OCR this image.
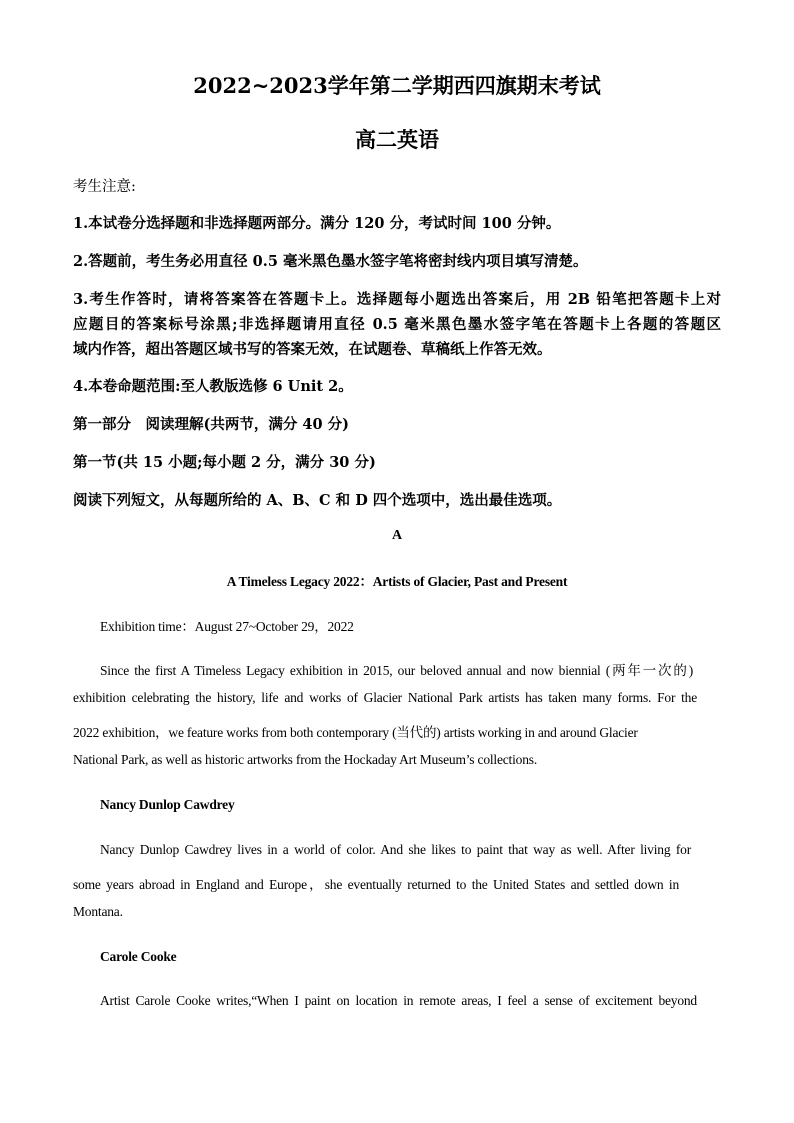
2022~2023学年第二学期西四旗期末考试
高二英语
考生注意:
1.本试卷分选择题和非选择题两部分。满分 120 分，考试时间 100 分钟。
2.答题前，考生务必用直径 0.5 毫米黑色墨水签字笔将密封线内项目填写清楚。
3.考生作答时，请将答案答在答题卡上。选择题每小题选出答案后，用 2B 铅笔把答题卡上对
应题目的答案标号涂黑;非选择题请用直径 0.5 毫米黑色墨水签字笔在答题卡上各题的答题区
域内作答，超出答题区域书写的答案无效，在试题卷、草稿纸上作答无效。
4.本卷命题范围:至人教版选修 6 Unit 2。
第一部分　阅读理解(共两节，满分 40 分)
第一节(共 15 小题;每小题 2 分，满分 30 分)
阅读下列短文，从每题所给的 A、B、C 和 D 四个选项中，选出最佳选项。
A
A Timeless Legacy 2022：Artists of Glacier, Past and Present
Exhibition time：August 27~October 29，2022
Since the first A Timeless Legacy exhibition in 2015, our beloved annual and now biennial (两年一次的)
exhibition celebrating the history, life and works of Glacier National Park artists has taken many forms. For the
2022 exhibition，we feature works from both contemporary (当代的) artists working in and around Glacier
National Park, as well as historic artworks from the Hockaday Art Museum’s collections.
Nancy Dunlop Cawdrey
Nancy Dunlop Cawdrey lives in a world of color. And she likes to paint that way as well. After living for
some years abroad in England and Europe，she eventually returned to the United States and settled down in
Montana.
Carole Cooke
Artist Carole Cooke writes,“When I paint on location in remote areas, I feel a sense of excitement beyond
